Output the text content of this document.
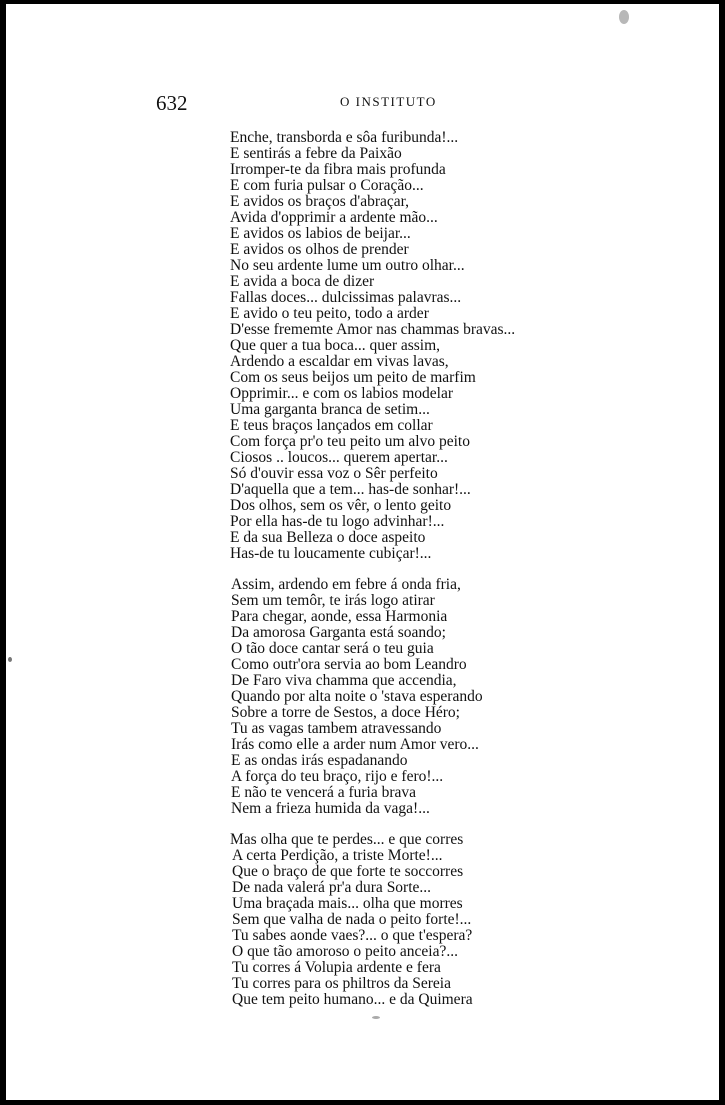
632	O INSTITUTO
Enche, transborda e sôa furibunda!...
E sentirás a febre da Paixão
Irromper-te da fibra mais profunda
E com furia pulsar o Coração...
E avidos os braços d'abraçar,
Avida d'opprimir a ardente mão...
E avidos os labios de beijar...
E avidos os olhos de prender
No seu ardente lume um outro olhar...
E avida a boca de dizer
Fallas doces... dulcissimas palavras...
E avido o teu peito, todo a arder
D'esse frememte Amor nas chammas bravas...
Que quer a tua boca... quer assim,
Ardendo a escaldar em vivas lavas,
Com os seus beijos um peito de marfim
Opprimir... e com os labios modelar
Uma garganta branca de setim...
E teus braços lançados em collar
Com força pr'o teu peito um alvo peito
Ciosos .. loucos... querem apertar...
Só d'ouvir essa voz o Sêr perfeito
D'aquella que a tem... has-de sonhar!...
Dos olhos, sem os vêr, o lento geito
Por ella has-de tu logo advinhar!...
E da sua Belleza o doce aspeito
Has-de tu loucamente cubiçar!...
Assim, ardendo em febre á onda fria,
Sem um temôr, te irás logo atirar
Para chegar, aonde, essa Harmonia
Da amorosa Garganta está soando;
O tão doce cantar será o teu guia
Como outr'ora servia ao bom Leandro
De Faro viva chamma que accendia,
Quando por alta noite o 'stava esperando
Sobre a torre de Sestos, a doce Héro;
Tu as vagas tambem atravessando
Irás como elle a arder num Amor vero...
E as ondas irás espadanando
A força do teu braço, rijo e fero!...
E não te vencerá a furia brava
Nem a frieza humida da vaga!...
Mas olha que te perdes... e que corres
A certa Perdição, a triste Morte!...
Que o braço de que forte te soccorres
De nada valerá pr'a dura Sorte...
Uma braçada mais... olha que morres
Sem que valha de nada o peito forte!...
Tu sabes aonde vaes?... o que t'espera?
O que tão amoroso o peito anceia?...
Tu corres á Volupia ardente e fera
Tu corres para os philtros da Sereia
Que tem peito humano... e da Quimera
